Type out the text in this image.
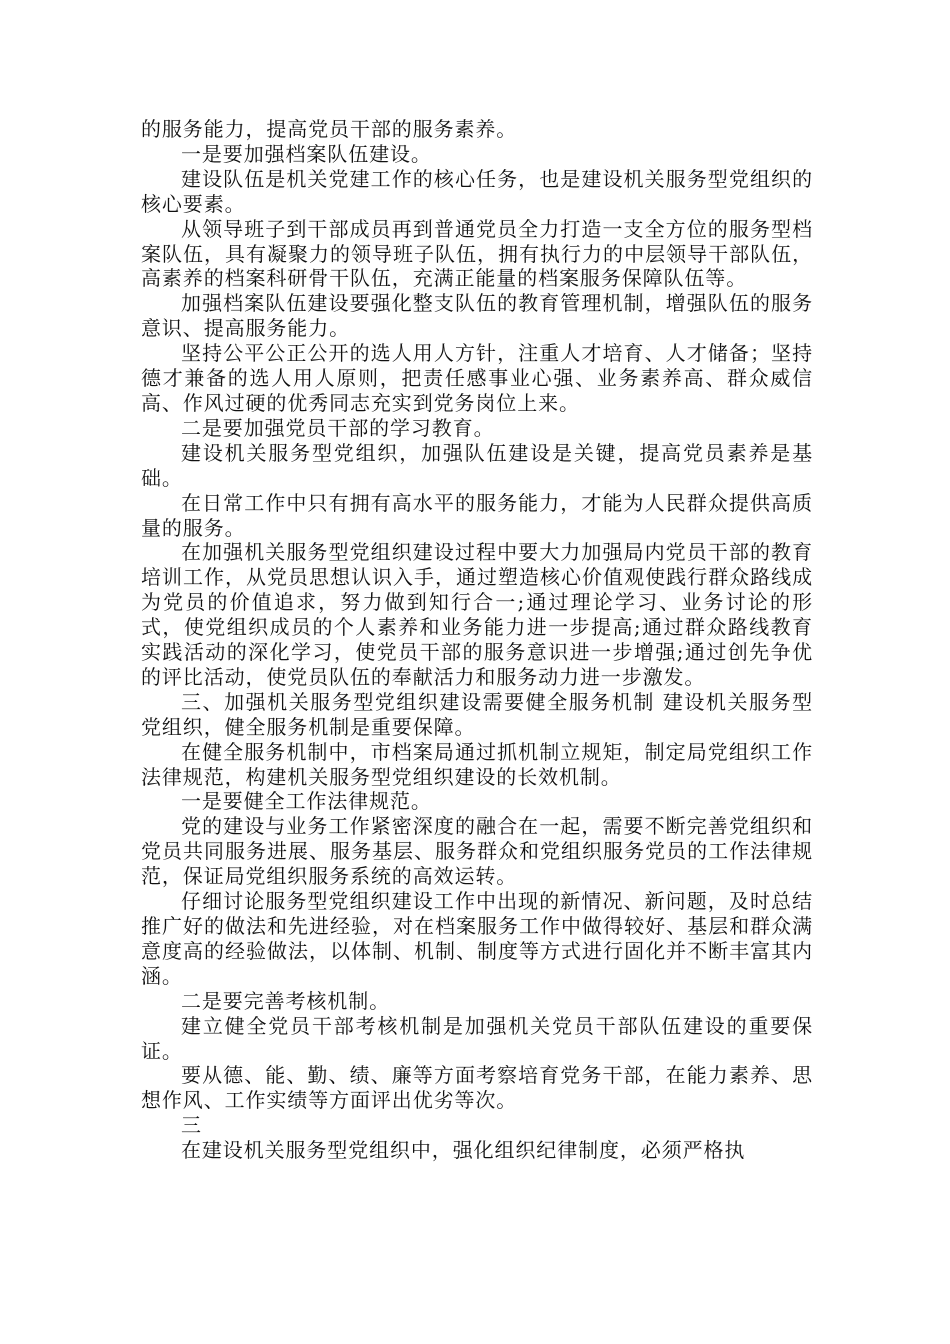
的服务能力，提高党员干部的服务素养。

一是要加强档案队伍建设。

建设队伍是机关党建工作的核心任务，也是建设机关服务型党组织的核心要素。

从领导班子到干部成员再到普通党员全力打造一支全方位的服务型档案队伍，具有凝聚力的领导班子队伍，拥有执行力的中层领导干部队伍，高素养的档案科研骨干队伍，充满正能量的档案服务保障队伍等。

加强档案队伍建设要强化整支队伍的教育管理机制，增强队伍的服务意识、提高服务能力。

坚持公平公正公开的选人用人方针，注重人才培育、人才储备；坚持德才兼备的选人用人原则，把责任感事业心强、业务素养高、群众威信高、作风过硬的优秀同志充实到党务岗位上来。

二是要加强党员干部的学习教育。

建设机关服务型党组织，加强队伍建设是关键，提高党员素养是基础。

在日常工作中只有拥有高水平的服务能力，才能为人民群众提供高质量的服务。

在加强机关服务型党组织建设过程中要大力加强局内党员干部的教育培训工作，从党员思想认识入手，通过塑造核心价值观使践行群众路线成为党员的价值追求，努力做到知行合一;通过理论学习、业务讨论的形式，使党组织成员的个人素养和业务能力进一步提高;通过群众路线教育实践活动的深化学习，使党员干部的服务意识进一步增强;通过创先争优的评比活动，使党员队伍的奉献活力和服务动力进一步激发。

三、加强机关服务型党组织建设需要健全服务机制 建设机关服务型党组织，健全服务机制是重要保障。

在健全服务机制中，市档案局通过抓机制立规矩，制定局党组织工作法律规范，构建机关服务型党组织建设的长效机制。

一是要健全工作法律规范。

党的建设与业务工作紧密深度的融合在一起，需要不断完善党组织和党员共同服务进展、服务基层、服务群众和党组织服务党员的工作法律规范，保证局党组织服务系统的高效运转。

仔细讨论服务型党组织建设工作中出现的新情况、新问题，及时总结推广好的做法和先进经验，对在档案服务工作中做得较好、基层和群众满意度高的经验做法，以体制、机制、制度等方式进行固化并不断丰富其内涵。

二是要完善考核机制。

建立健全党员干部考核机制是加强机关党员干部队伍建设的重要保证。

要从德、能、勤、绩、廉等方面考察培育党务干部，在能力素养、思想作风、工作实绩等方面评出优劣等次。

三

在建设机关服务型党组织中，强化组织纪律制度，必须严格执
